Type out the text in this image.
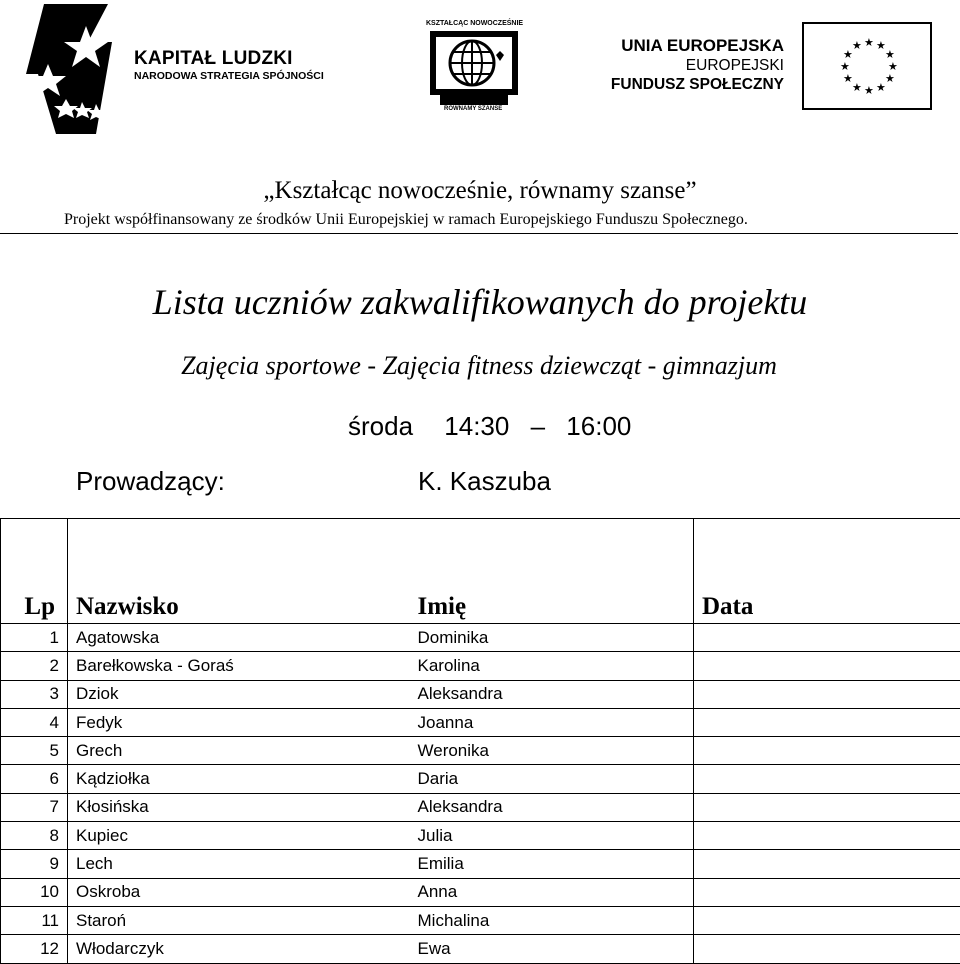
KAPITAŁ LUDZKI
NARODOWA STRATEGIA SPÓJNOŚCI
KSZTAŁCĄC NOWOCZEŚNIE
RÓWNAMY SZANSE
UNIA EUROPEJSKA
EUROPEJSKI
FUNDUSZ SPOŁECZNY
★ ★
★
★
★
★
★
★
★
★
★
★
„Kształcąc nowocześnie, równamy szanse”
Projekt współfinansowany ze środków Unii Europejskiej w ramach Europejskiego Funduszu Społecznego.
Lista uczniów zakwalifikowanych do projektu
Zajęcia sportowe - Zajęcia fitness dziewcząt - gimnazjum
środa 14:30 – 16:00
Prowadzący:	K. Kaszuba
Lp	Nazwisko	Imię	Data
1	Agatowska	Dominika	
2	Barełkowska - Goraś	Karolina	
3	Dziok	Aleksandra	
4	Fedyk	Joanna	
5	Grech	Weronika	
6	Kądziołka	Daria	
7	Kłosińska	Aleksandra	
8	Kupiec	Julia	
9	Lech	Emilia	
10	Oskroba	Anna	
11	Staroń	Michalina	
12	Włodarczyk	Ewa	
